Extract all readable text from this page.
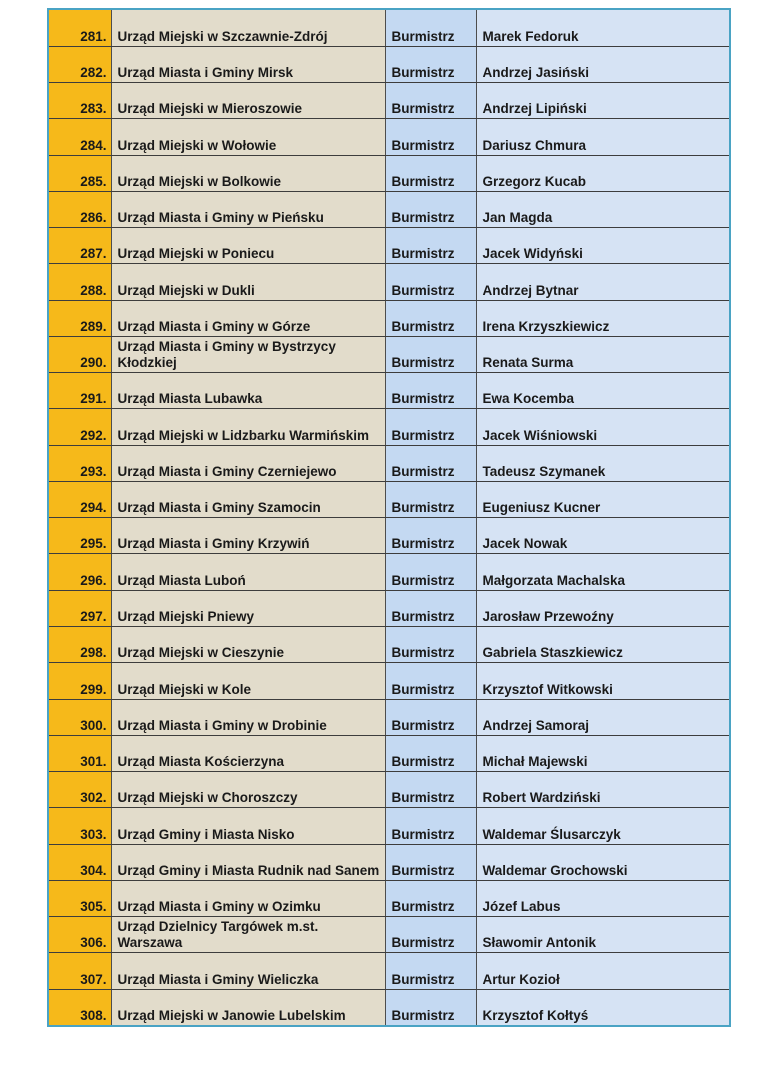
281.	Urząd Miejski w Szczawnie-Zdrój	Burmistrz	Marek Fedoruk
282.	Urząd Miasta i Gminy Mirsk	Burmistrz	Andrzej Jasiński
283.	Urząd Miejski w Mieroszowie	Burmistrz	Andrzej Lipiński
284.	Urząd Miejski w Wołowie	Burmistrz	Dariusz Chmura
285.	Urząd Miejski w Bolkowie	Burmistrz	Grzegorz Kucab
286.	Urząd Miasta i Gminy w Pieńsku	Burmistrz	Jan Magda
287.	Urząd Miejski w Poniecu	Burmistrz	Jacek Widyński
288.	Urząd Miejski w Dukli	Burmistrz	Andrzej Bytnar
289.	Urząd Miasta i Gminy w Górze	Burmistrz	Irena Krzyszkiewicz
290.	Urząd Miasta i Gminy w Bystrzycy Kłodzkiej	Burmistrz	Renata Surma
291.	Urząd Miasta Lubawka	Burmistrz	Ewa Kocemba
292.	Urząd Miejski w Lidzbarku Warmińskim	Burmistrz	Jacek Wiśniowski
293.	Urząd Miasta i Gminy Czerniejewo	Burmistrz	Tadeusz Szymanek
294.	Urząd Miasta i Gminy Szamocin	Burmistrz	Eugeniusz Kucner
295.	Urząd Miasta i Gminy Krzywiń	Burmistrz	Jacek Nowak
296.	Urząd Miasta Luboń	Burmistrz	Małgorzata Machalska
297.	Urząd Miejski Pniewy	Burmistrz	Jarosław Przewoźny
298.	Urząd Miejski w Cieszynie	Burmistrz	Gabriela Staszkiewicz
299.	Urząd Miejski w Kole	Burmistrz	Krzysztof Witkowski
300.	Urząd Miasta i Gminy w Drobinie	Burmistrz	Andrzej Samoraj
301.	Urząd Miasta Kościerzyna	Burmistrz	Michał Majewski
302.	Urząd Miejski w Choroszczy	Burmistrz	Robert Wardziński
303.	Urząd Gminy i Miasta Nisko	Burmistrz	Waldemar Ślusarczyk
304.	Urząd Gminy i Miasta Rudnik nad Sanem	Burmistrz	Waldemar Grochowski
305.	Urząd Miasta i Gminy w Ozimku	Burmistrz	Józef Labus
306.	Urząd Dzielnicy Targówek m.st. Warszawa	Burmistrz	Sławomir Antonik
307.	Urząd Miasta i Gminy Wieliczka	Burmistrz	Artur Kozioł
308.	Urząd Miejski w Janowie Lubelskim	Burmistrz	Krzysztof Kołtyś
